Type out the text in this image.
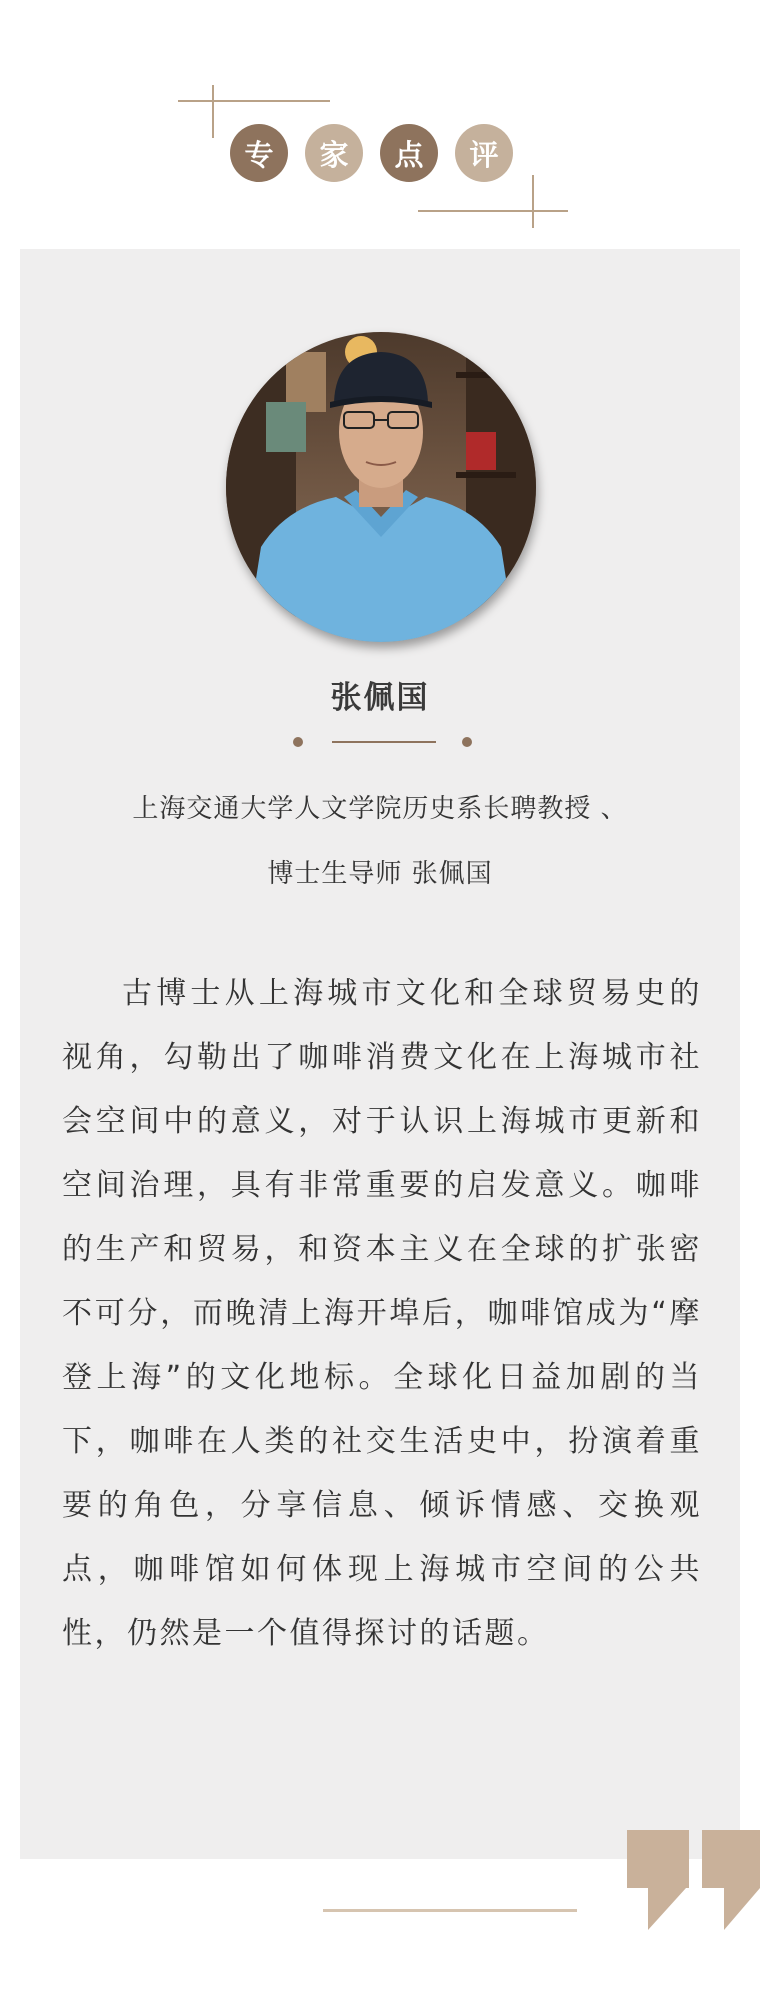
专	家	点	评
张佩国
上海交通大学人文学院历史系长聘教授 、
博士生导师 张佩国

古博士从上海城市文化和全球贸易史的视角，勾勒出了咖啡消费文化在上海城市社会空间中的意义，对于认识上海城市更新和空间治理，具有非常重要的启发意义。咖啡的生产和贸易，和资本主义在全球的扩张密不可分，而晚清上海开埠后，咖啡馆成为“摩登上海”的文化地标。全球化日益加剧的当下，咖啡在人类的社交生活史中，扮演着重要的角色，分享信息、倾诉情感、交换观点，咖啡馆如何体现上海城市空间的公共性，仍然是一个值得探讨的话题。
